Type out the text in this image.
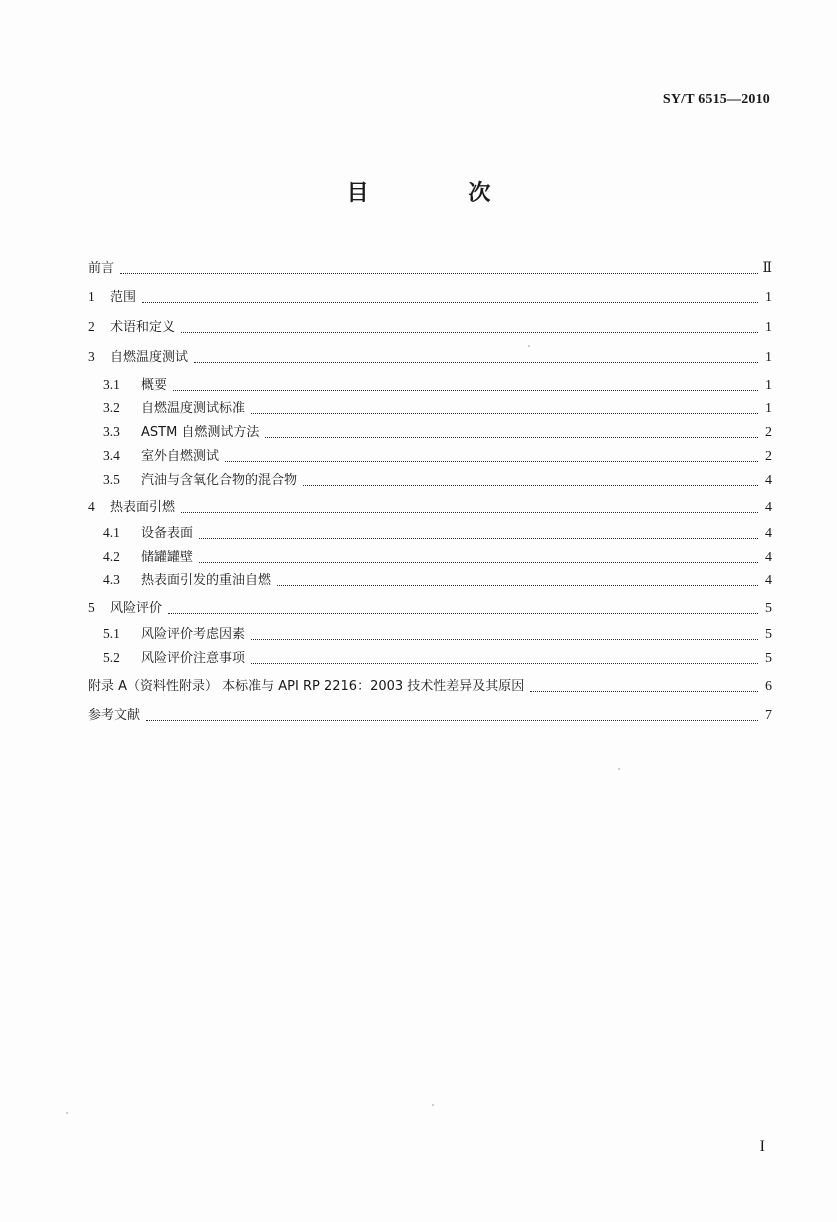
SY/T 6515—2010
目 次
前言	Ⅱ
1 范围	1
2 术语和定义	1
3 自燃温度测试	1
3.1 概要	1
3.2 自燃温度测试标准	1
3.3 ASTM 自燃测试方法	2
3.4 室外自燃测试	2
3.5 汽油与含氧化合物的混合物	4
4 热表面引燃	4
4.1 设备表面	4
4.2 储罐罐壁	4
4.3 热表面引发的重油自燃	4
5 风险评价	5
5.1 风险评价考虑因素	5
5.2 风险评价注意事项	5
附录 A（资料性附录） 本标准与 API RP 2216：2003 技术性差异及其原因	6
参考文献	7
I
